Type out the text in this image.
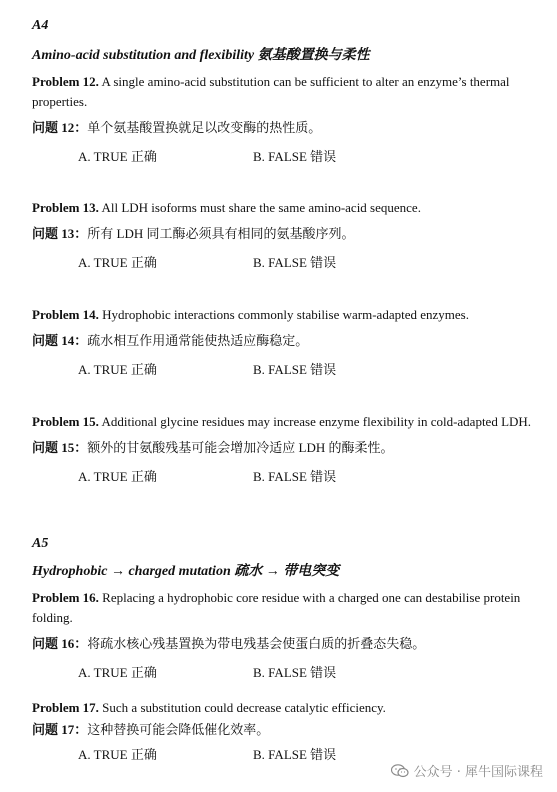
A4
Amino-acid substitution and flexibility 氨基酸置换与柔性

Problem 12. A single amino-acid substitution can be sufficient to alter an enzyme’s thermal properties.

问题 12：单个氨基酸置换就足以改变酶的热性质。

A. TRUE 正确	B. FALSE 错误

Problem 13. All LDH isoforms must share the same amino-acid sequence.

问题 13：所有 LDH 同工酶必须具有相同的氨基酸序列。

A. TRUE 正确	B. FALSE 错误

Problem 14. Hydrophobic interactions commonly stabilise warm-adapted enzymes.

问题 14：疏水相互作用通常能使热适应酶稳定。

A. TRUE 正确	B. FALSE 错误

Problem 15. Additional glycine residues may increase enzyme flexibility in cold-adapted LDH.

问题 15：额外的甘氨酸残基可能会增加冷适应 LDH 的酶柔性。

A. TRUE 正确	B. FALSE 错误
A5
Hydrophobic → charged mutation 疏水 → 带电突变

Problem 16. Replacing a hydrophobic core residue with a charged one can destabilise protein folding.

问题 16：将疏水核心残基置换为带电残基会使蛋白质的折叠态失稳。

A. TRUE 正确	B. FALSE 错误

Problem 17. Such a substitution could decrease catalytic efficiency.

问题 17：这种替换可能会降低催化效率。

A. TRUE 正确	B. FALSE 错误
公众号 · 犀牛国际课程
